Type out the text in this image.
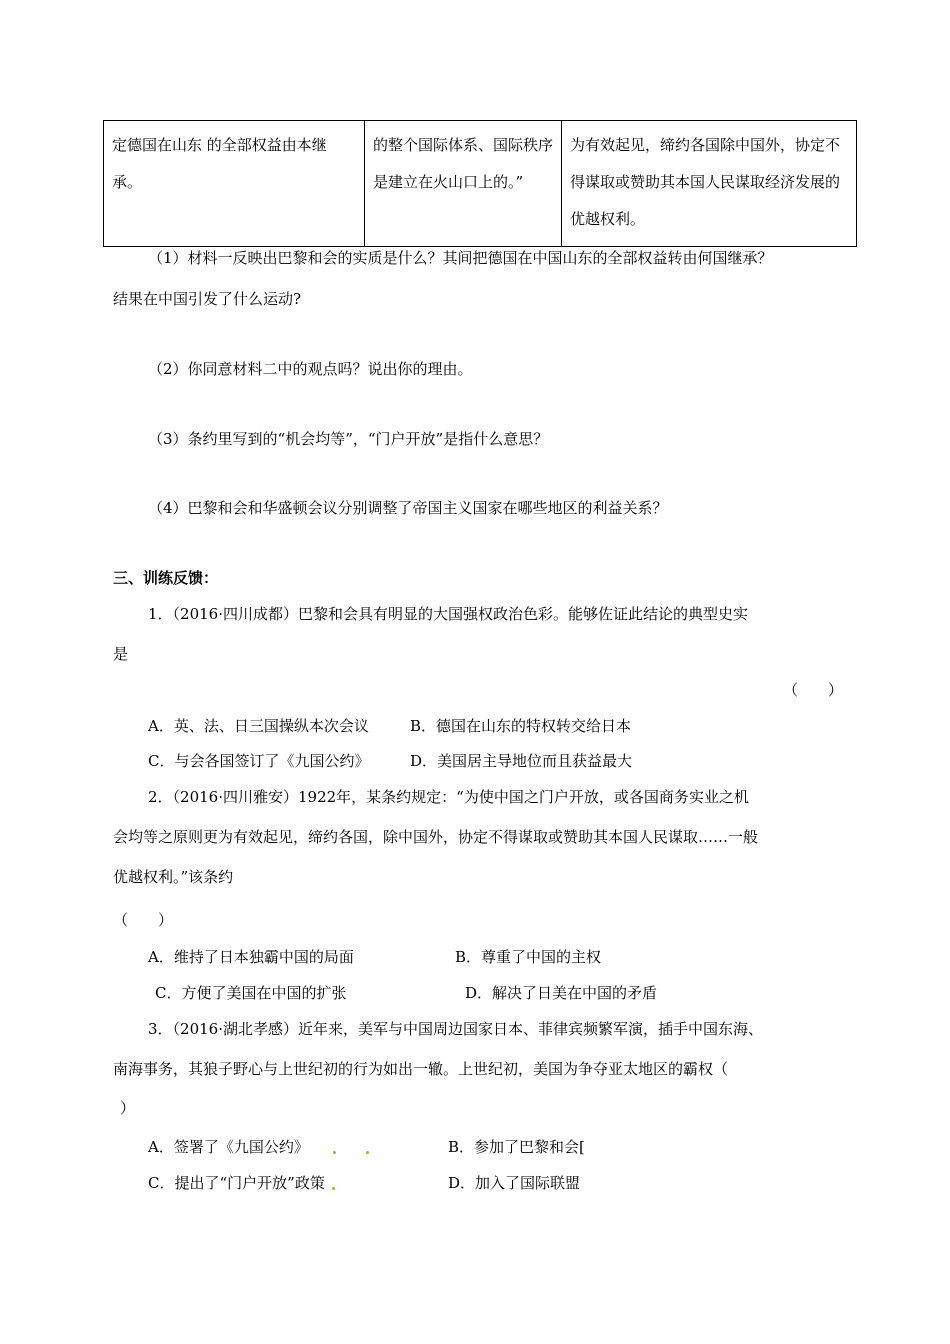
定德国在山东 的全部权益由本继承。	的整个国际体系、国际秩序是建立在火山口上的。”	为有效起见，缔约各国除中国外，协定不得谋取或赞助其本国人民谋取经济发展的优越权利。
（1）材料一反映出巴黎和会的实质是什么？其间把德国在中国山东的全部权益转由何国继承？
结果在中国引发了什么运动?
（2）你同意材料二中的观点吗？说出你的理由。
（3）条约里写到的“机会均等”，“门户开放”是指什么意思？
（4）巴黎和会和华盛顿会议分别调整了帝国主义国家在哪些地区的利益关系？
三、训练反馈：
1．（2016·四川成都）巴黎和会具有明显的大国强权政治色彩。能够佐证此结论的典型史实
是
（　　）
A．英、法、日三国操纵本次会议	B．德国在山东的特权转交给日本
C．与会各国签订了《九国公约》	D．美国居主导地位而且获益最大
2．（2016·四川雅安）1922年，某条约规定：“为使中国之门户开放，或各国商务实业之机
会均等之原则更为有效起见，缔约各国，除中国外，协定不得谋取或赞助其本国人民谋取……一般
优越权利。”该条约
（　　）
A．维持了日本独霸中国的局面	B．尊重了中国的主权
C．方便了美国在中国的扩张	D．解决了日美在中国的矛盾
3．（2016·湖北孝感）近年来，美军与中国周边国家日本、菲律宾频繁军演，插手中国东海、
南海事务，其狼子野心与上世纪初的行为如出一辙。上世纪初，美国为争夺亚太地区的霸权（
）
A．签署了《九国公约》	B．参加了巴黎和会[
C．提出了“门户开放”政策	D．加入了国际联盟
